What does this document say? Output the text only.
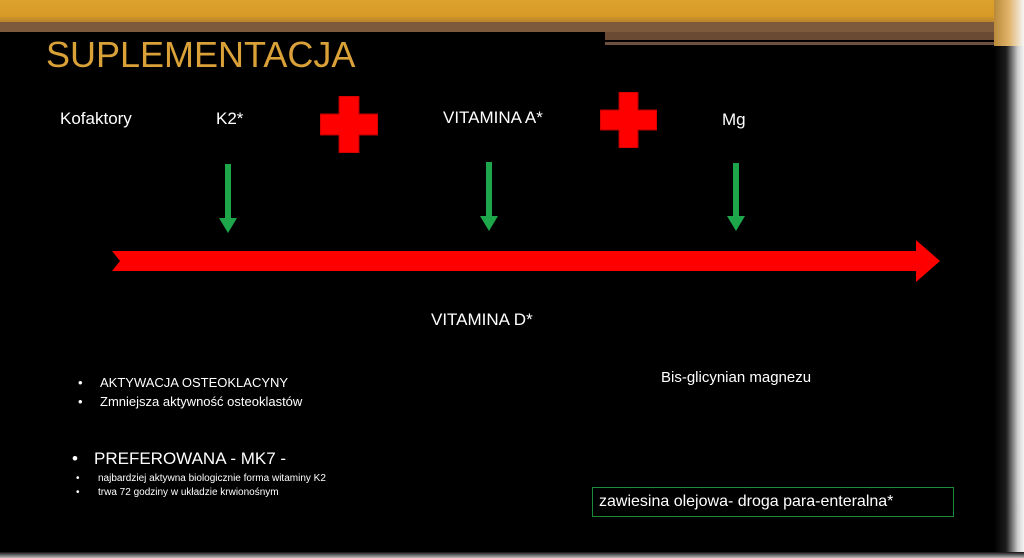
SUPLEMENTACJA
Kofaktory	K2*	VITAMINA A*	Mg
VITAMINA D*
Bis-glicynian magnezu
• AKTYWACJA OSTEOKLACYNY
• Zmniejsza aktywność osteoklastów
• PREFEROWANA - MK7 -
• najbardziej aktywna biologicznie forma witaminy K2
• trwa 72 godziny w układzie krwionośnym
zawiesina olejowa- droga para-enteralna*
